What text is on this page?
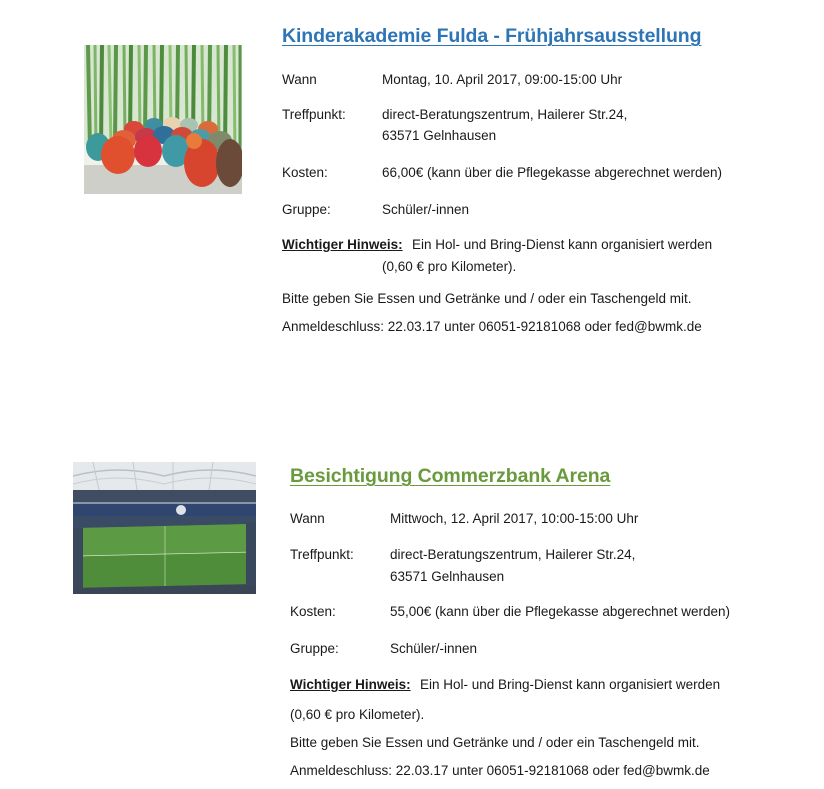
Kinderakademie Fulda - Frühjahrsausstellung
Wann	Montag, 10. April 2017, 09:00-15:00 Uhr
Treffpunkt:	direct-Beratungszentrum, Hailerer Str.24,
63571 Gelnhausen
Kosten:	66,00€ (kann über die Pflegekasse abgerechnet werden)
Gruppe:	Schüler/-innen
Wichtiger Hinweis: Ein Hol- und Bring-Dienst kann organisiert werden
(0,60 € pro Kilometer).
Bitte geben Sie Essen und Getränke und / oder ein Taschengeld mit.
Anmeldeschluss: 22.03.17 unter 06051-92181068 oder fed@bwmk.de
Besichtigung Commerzbank Arena
Wann	Mittwoch, 12. April 2017, 10:00-15:00 Uhr
Treffpunkt:	direct-Beratungszentrum, Hailerer Str.24,
63571 Gelnhausen
Kosten:	55,00€ (kann über die Pflegekasse abgerechnet werden)
Gruppe:	Schüler/-innen
Wichtiger Hinweis: Ein Hol- und Bring-Dienst kann organisiert werden
(0,60 € pro Kilometer).
Bitte geben Sie Essen und Getränke und / oder ein Taschengeld mit.
Anmeldeschluss: 22.03.17 unter 06051-92181068 oder fed@bwmk.de
